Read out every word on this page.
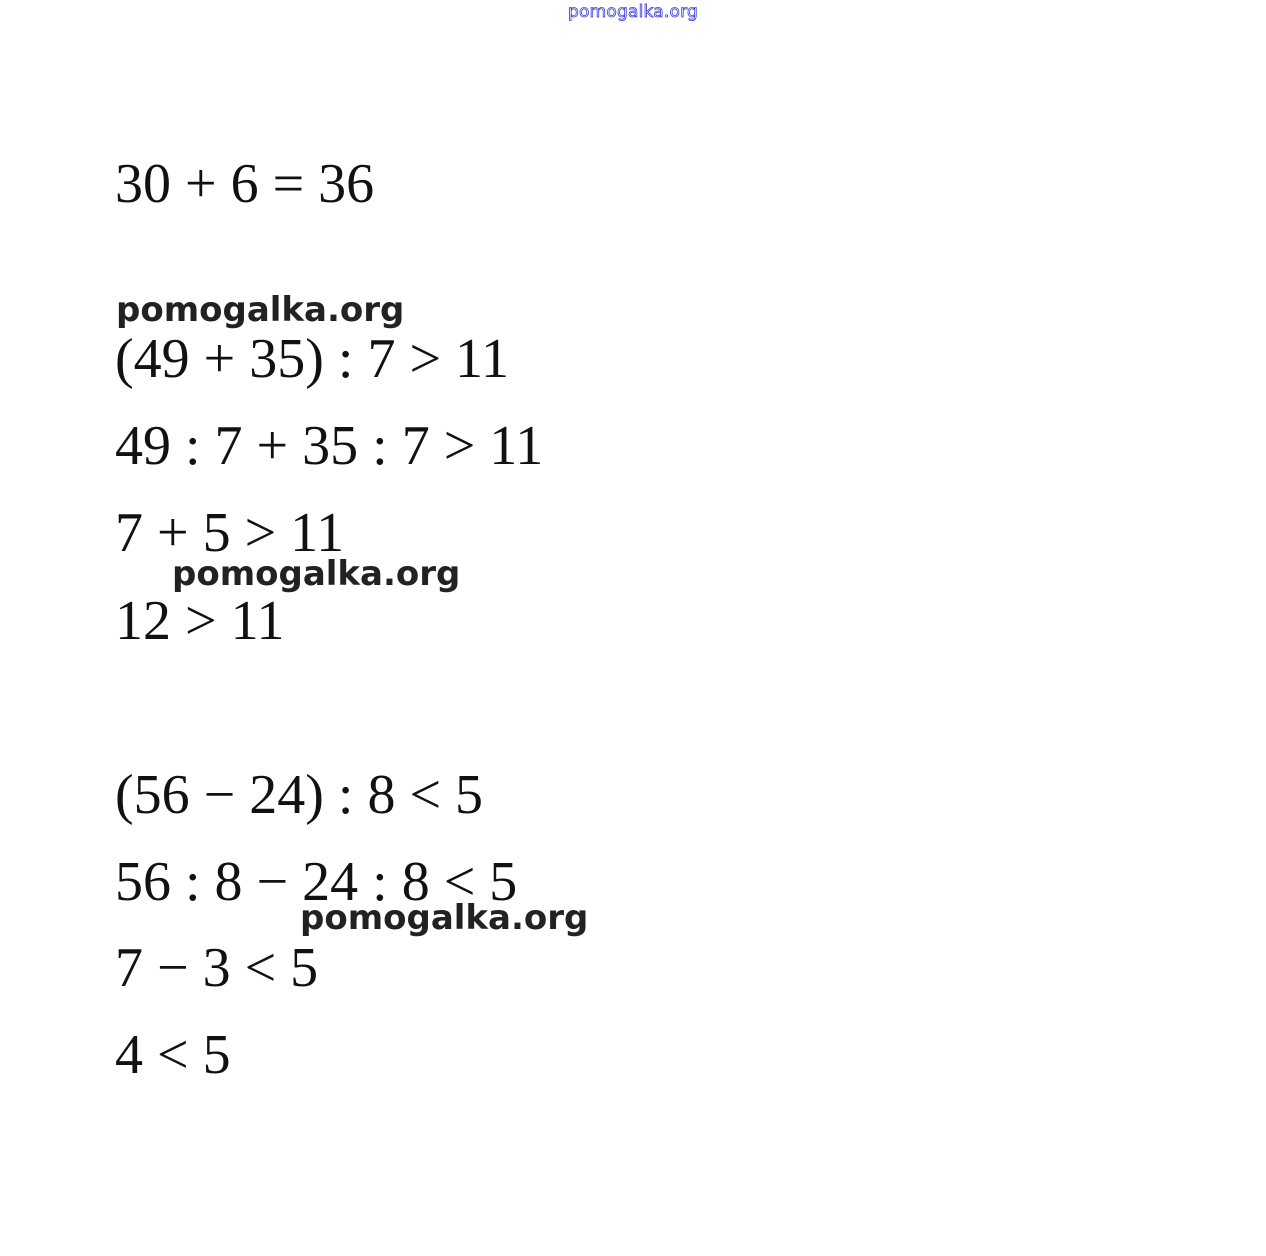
pomogalka.org
30 + 6 = 36
pomogalka.org
(49 + 35) : 7 > 11
49 : 7 + 35 : 7 > 11
7 + 5 > 11
pomogalka.org
12 > 11
(56 − 24) : 8 < 5
56 : 8 − 24 : 8 < 5
pomogalka.org
7 − 3 < 5
4 < 5
